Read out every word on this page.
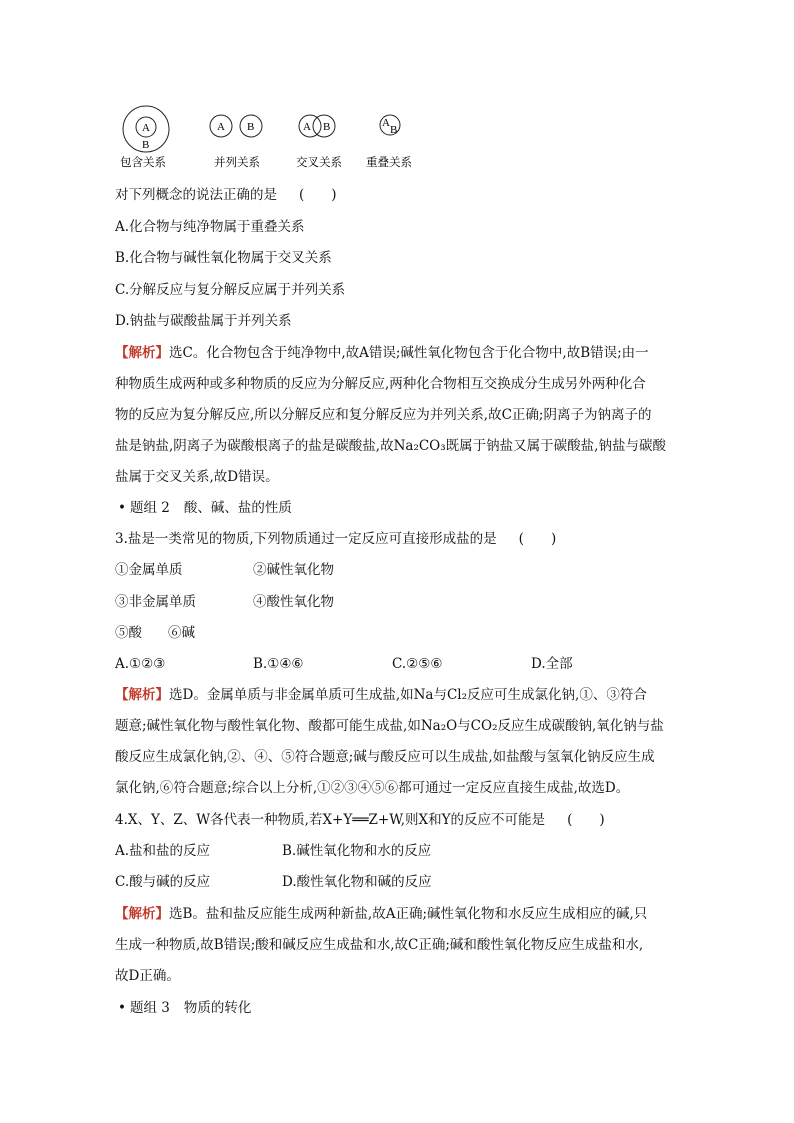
A
B
包含关系
A B
并列关系
A B
交叉关系
A
B
重叠关系
对下列概念的说法正确的是 (　　)
A.化合物与纯净物属于重叠关系
B.化合物与碱性氧化物属于交叉关系
C.分解反应与复分解反应属于并列关系
D.钠盐与碳酸盐属于并列关系
【解析】选C。化合物包含于纯净物中,故A错误;碱性氧化物包含于化合物中,故B错误;由一
种物质生成两种或多种物质的反应为分解反应,两种化合物相互交换成分生成另外两种化合
物的反应为复分解反应,所以分解反应和复分解反应为并列关系,故C正确;阴离子为钠离子的
盐是钠盐,阴离子为碳酸根离子的盐是碳酸盐,故Na₂CO₃既属于钠盐又属于碳酸盐,钠盐与碳酸
盐属于交叉关系,故D错误。
• 题组 2 酸、碱、盐的性质
3.盐是一类常见的物质,下列物质通过一定反应可直接形成盐的是 (　　)
①金属单质	②碱性氧化物
③非金属单质	④酸性氧化物
⑤酸 ⑥碱
A.①②③	B.①④⑥	C.②⑤⑥	D.全部
【解析】选D。金属单质与非金属单质可生成盐,如Na与Cl₂反应可生成氯化钠,①、③符合
题意;碱性氧化物与酸性氧化物、酸都可能生成盐,如Na₂O与CO₂反应生成碳酸钠,氧化钠与盐
酸反应生成氯化钠,②、④、⑤符合题意;碱与酸反应可以生成盐,如盐酸与氢氧化钠反应生成
氯化钠,⑥符合题意;综合以上分析,①②③④⑤⑥都可通过一定反应直接生成盐,故选D。
4.X、Y、Z、W各代表一种物质,若X+Y══Z+W,则X和Y的反应不可能是 (　　)
A.盐和盐的反应	B.碱性氧化物和水的反应
C.酸与碱的反应	D.酸性氧化物和碱的反应
【解析】选B。盐和盐反应能生成两种新盐,故A正确;碱性氧化物和水反应生成相应的碱,只
生成一种物质,故B错误;酸和碱反应生成盐和水,故C正确;碱和酸性氧化物反应生成盐和水,
故D正确。
• 题组 3 物质的转化
